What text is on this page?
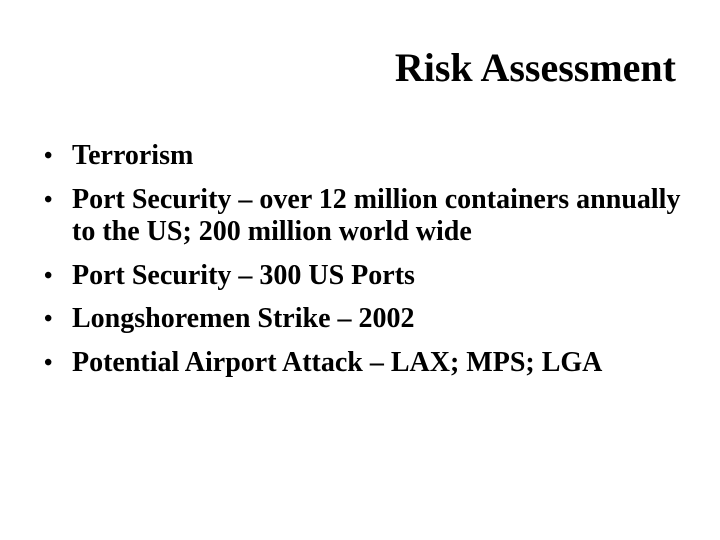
Risk Assessment
• Terrorism
• Port Security – over 12 million containers annually to the US; 200 million world wide
• Port Security – 300 US Ports
• Longshoremen Strike – 2002
• Potential Airport Attack – LAX; MPS; LGA
